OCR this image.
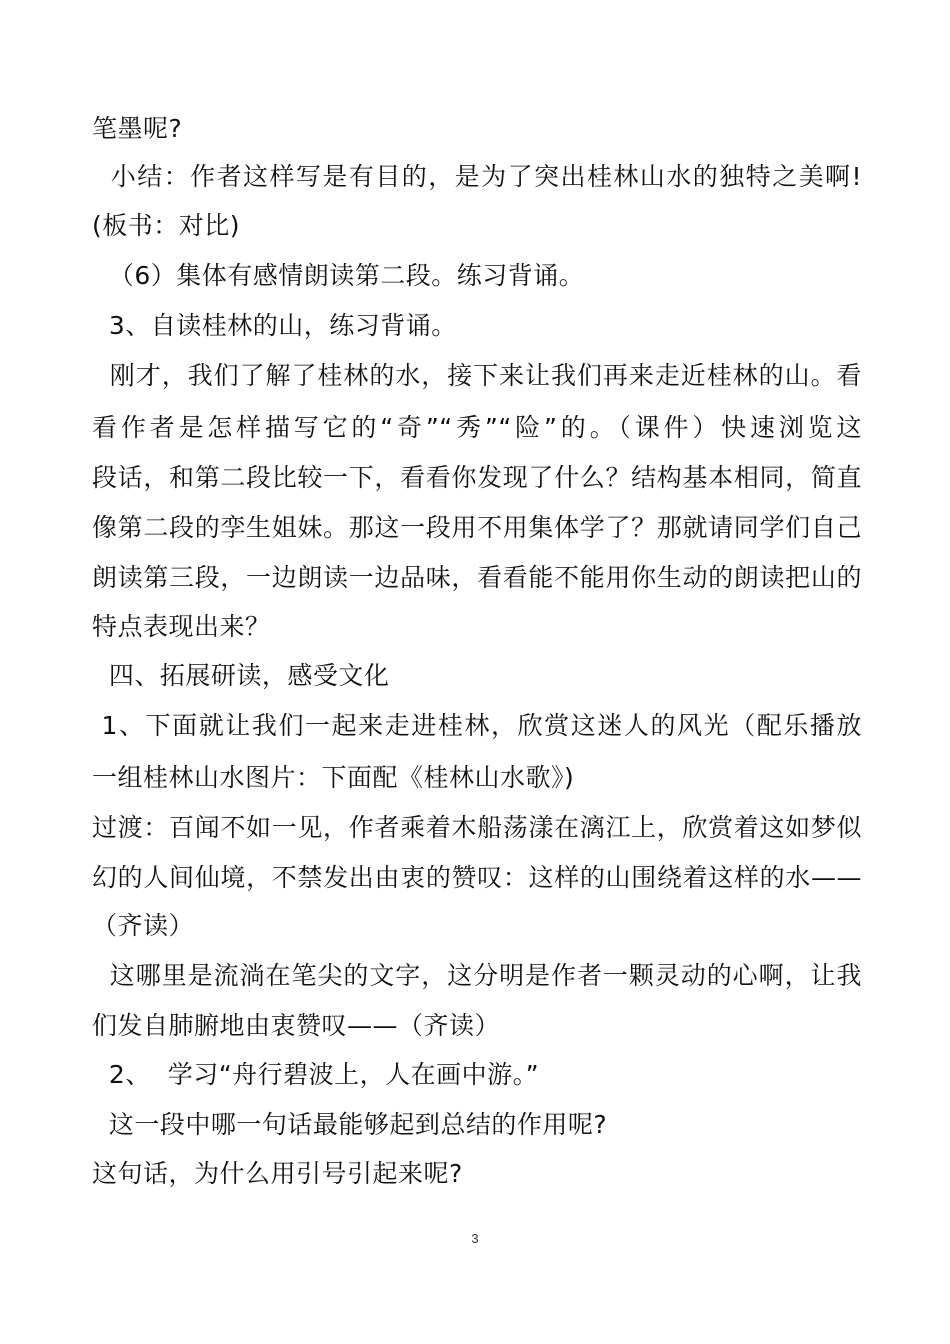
笔墨呢?
小结：作者这样写是有目的，是为了突出桂林山水的独特之美啊!
(板书：对比)
（6）集体有感情朗读第二段。练习背诵。
3、自读桂林的山，练习背诵。
刚才，我们了解了桂林的水，接下来让我们再来走近桂林的山。看
看作者是怎样描写它的“奇”“秀”“险”的。（课件）快速浏览这
段话，和第二段比较一下，看看你发现了什么？结构基本相同，简直
像第二段的孪生姐妹。那这一段用不用集体学了？那就请同学们自己
朗读第三段，一边朗读一边品味，看看能不能用你生动的朗读把山的
特点表现出来？
四、拓展研读，感受文化
1、下面就让我们一起来走进桂林，欣赏这迷人的风光（配乐播放
一组桂林山水图片：下面配《桂林山水歌》)
过渡：百闻不如一见，作者乘着木船荡漾在漓江上，欣赏着这如梦似
幻的人间仙境，不禁发出由衷的赞叹：这样的山围绕着这样的水——
（齐读）
这哪里是流淌在笔尖的文字，这分明是作者一颗灵动的心啊，让我
们发自肺腑地由衷赞叹——（齐读）
2、  学习“舟行碧波上，人在画中游。”
这一段中哪一句话最能够起到总结的作用呢?
这句话，为什么用引号引起来呢?
3
